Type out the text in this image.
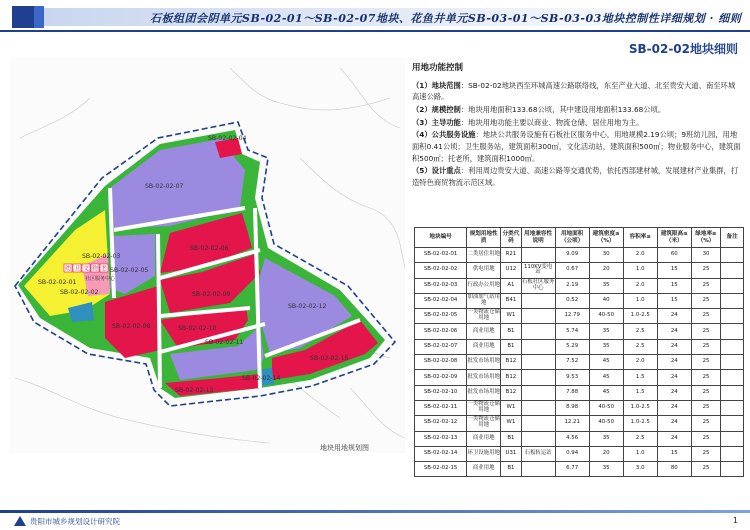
石板组团会阴单元SB-02-01～SB-02-07地块、花鱼井单元SB-03-01～SB-03-03地块控制性详细规划 · 细则
SB-02-02地块细则
幼 卫 文 物 老
社区服务中心
SB-02-02-01
SB-02-02-02
SB-02-02-03
SB-02-02-04
SB-02-02-05
SB-02-02-06
SB-02-02-07
SB-02-02-08
SB-02-02-09
SB-02-02-10
SB-02-02-11
SB-02-02-12
SB-02-02-13
SB-02-02-14
SB-02-02-15
地块用地规划图
用地功能控制

（1）地块范围：SB-02-02地块西至环城高速公路联络线，东至产业大道、北至贵安大道、南至环城高速公路。

（2）规模控制：地块用地面积133.68公顷，其中建设用地面积133.68公顷。

（3）主导功能：地块用地功能主要以商业、物流仓储、居住用地为主。

（4）公共服务设施：地块公共服务设施有石板社区服务中心，用地规模2.19公顷；9班幼儿园，用地面积0.41公顷；卫生服务站，建筑面积300㎡，文化活动站，建筑面积500㎡；物业服务中心，建筑面积500㎡；托老所，建筑面积1000㎡。

（5）设计重点：利用周边贵安大道、高速公路等交通优势，依托西部建材城，发展建材产业集群，打造特色商贸物流示范区域。

地块编号	规划用地性质	分类代码	用地兼容性说明	用地面积（公顷）	建筑密度≤（%）	容积率≤	建筑限高≤（米）	绿地率≥（%）	备注
SB-02-02-01	二类居住用地	R21		9.09	30	2.0	60	30	
SB-02-02-02	供电用地	U12	110KV变电站	0.67	20	1.0	15	25	
SB-02-02-03	行政办公用地	A1	石板社区服务中心	2.19	35	2.0	15	25	
SB-02-02-04	加油加气站用地	B41		0.52	40	1.0	15	25	
SB-02-02-05	一类物流仓储用地	W1		12.79	40-50	1.0-2.5	24	25	
SB-02-02-06	商业用地	B1		5.74	35	2.5	24	25	
SB-02-02-07	商业用地	B1		5.29	35	2.5	24	25	
SB-02-02-08	批发市场用地	B12		7.52	45	2.0	24	25	
SB-02-02-09	批发市场用地	B12		9.53	45	1.5	24	25	
SB-02-02-10	批发市场用地	B12		7.88	45	1.5	24	25	
SB-02-02-11	一类物流仓储用地	W1		8.98	40-50	1.0-2.5	24	25	
SB-02-02-12	一类物流仓储用地	W1		12.21	40-50	1.0-2.5	24	25	
SB-02-02-13	商业用地	B1		4.56	35	2.5	24	25	
SB-02-02-14	环卫设施用地	U31	石板转运站	0.94	20	1.0	15	25	
SB-02-02-15	商业用地	B1		6.77	35	3.0	80	25	
贵阳市城乡规划设计研究院	1
